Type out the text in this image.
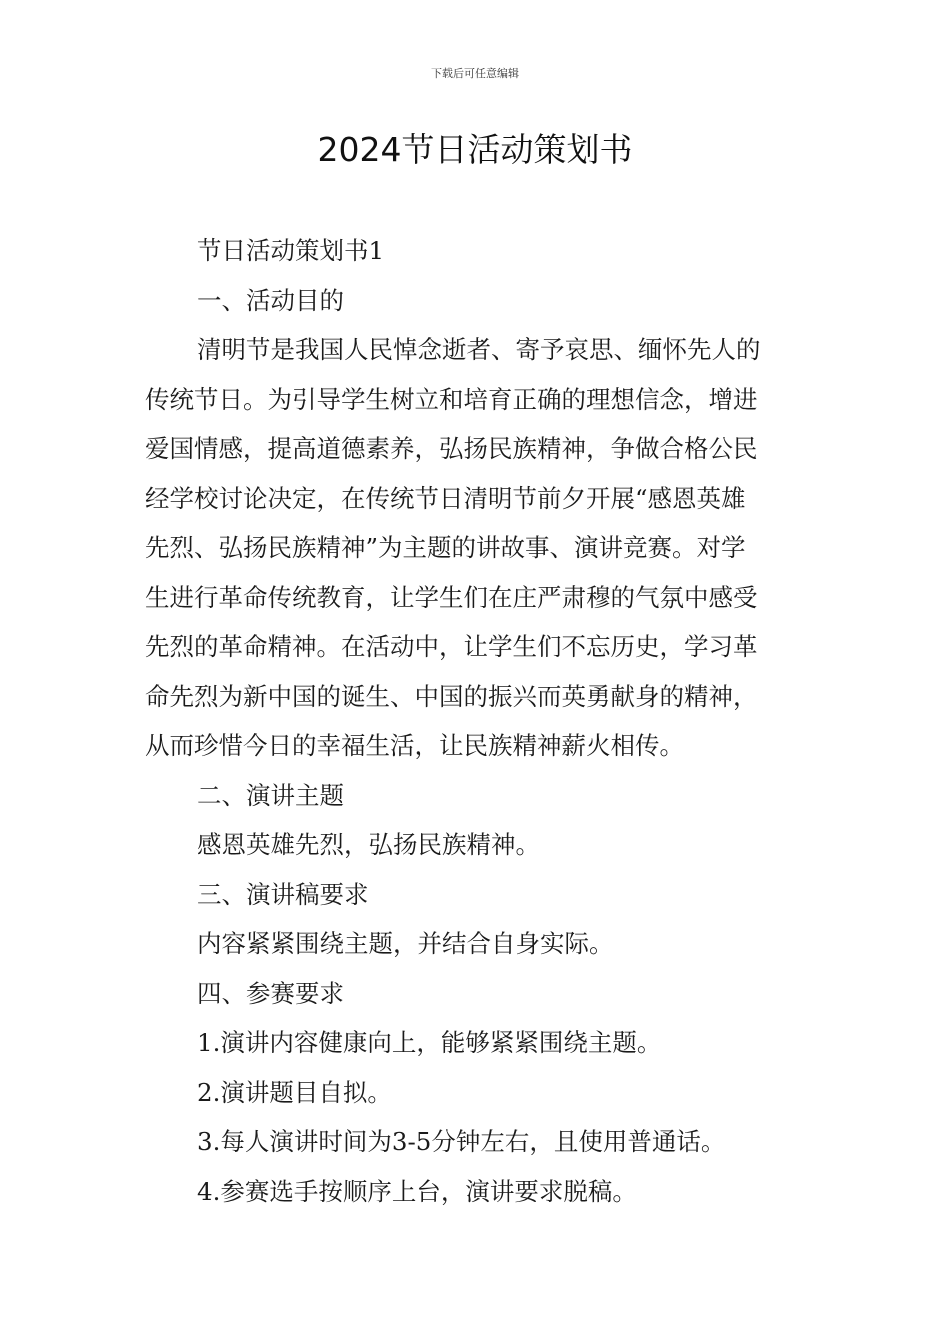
下载后可任意编辑
2024节日活动策划书
节日活动策划书1
一、活动目的
清明节是我国人民悼念逝者、寄予哀思、缅怀先人的
传统节日。为引导学生树立和培育正确的理想信念，增进
爱国情感，提高道德素养，弘扬民族精神，争做合格公民
经学校讨论决定，在传统节日清明节前夕开展“感恩英雄
先烈、弘扬民族精神”为主题的讲故事、演讲竞赛。对学
生进行革命传统教育，让学生们在庄严肃穆的气氛中感受
先烈的革命精神。在活动中，让学生们不忘历史，学习革
命先烈为新中国的诞生、中国的振兴而英勇献身的精神，
从而珍惜今日的幸福生活，让民族精神薪火相传。
二、演讲主题
感恩英雄先烈，弘扬民族精神。
三、演讲稿要求
内容紧紧围绕主题，并结合自身实际。
四、参赛要求
1.演讲内容健康向上，能够紧紧围绕主题。
2.演讲题目自拟。
3.每人演讲时间为3-5分钟左右，且使用普通话。
4.参赛选手按顺序上台，演讲要求脱稿。
